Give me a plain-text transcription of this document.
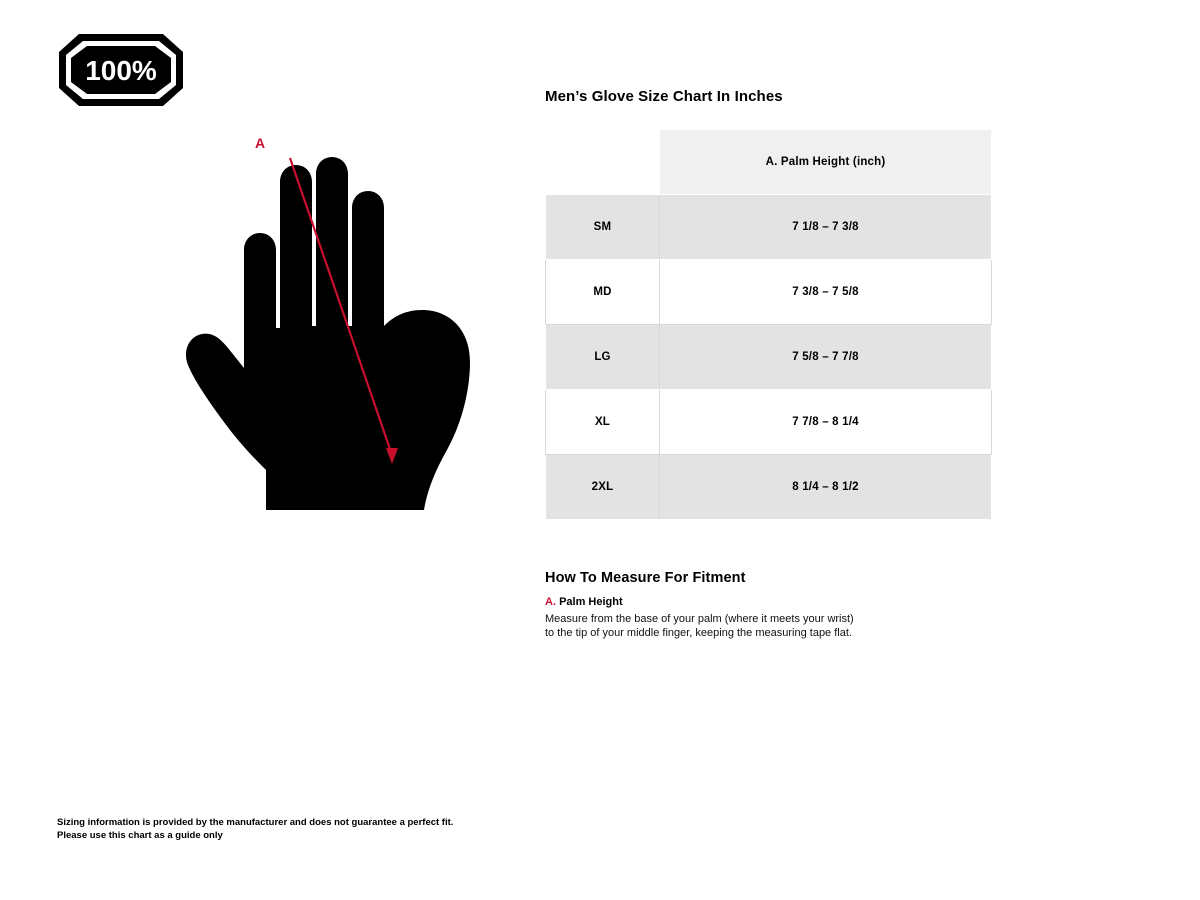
100%
A
Men’s Glove Size Chart In Inches
	A. Palm Height (inch)
SM	7 1/8 – 7 3/8
MD	7 3/8 – 7 5/8
LG	7 5/8 – 7 7/8
XL	7 7/8 – 8 1/4
2XL	8 1/4 – 8 1/2
How To Measure For Fitment

A. Palm Height

Measure from the base of your palm (where it meets your wrist) to the tip of your middle finger, keeping the measuring tape flat.

Sizing information is provided by the manufacturer and does not guarantee a perfect fit.
Please use this chart as a guide only
